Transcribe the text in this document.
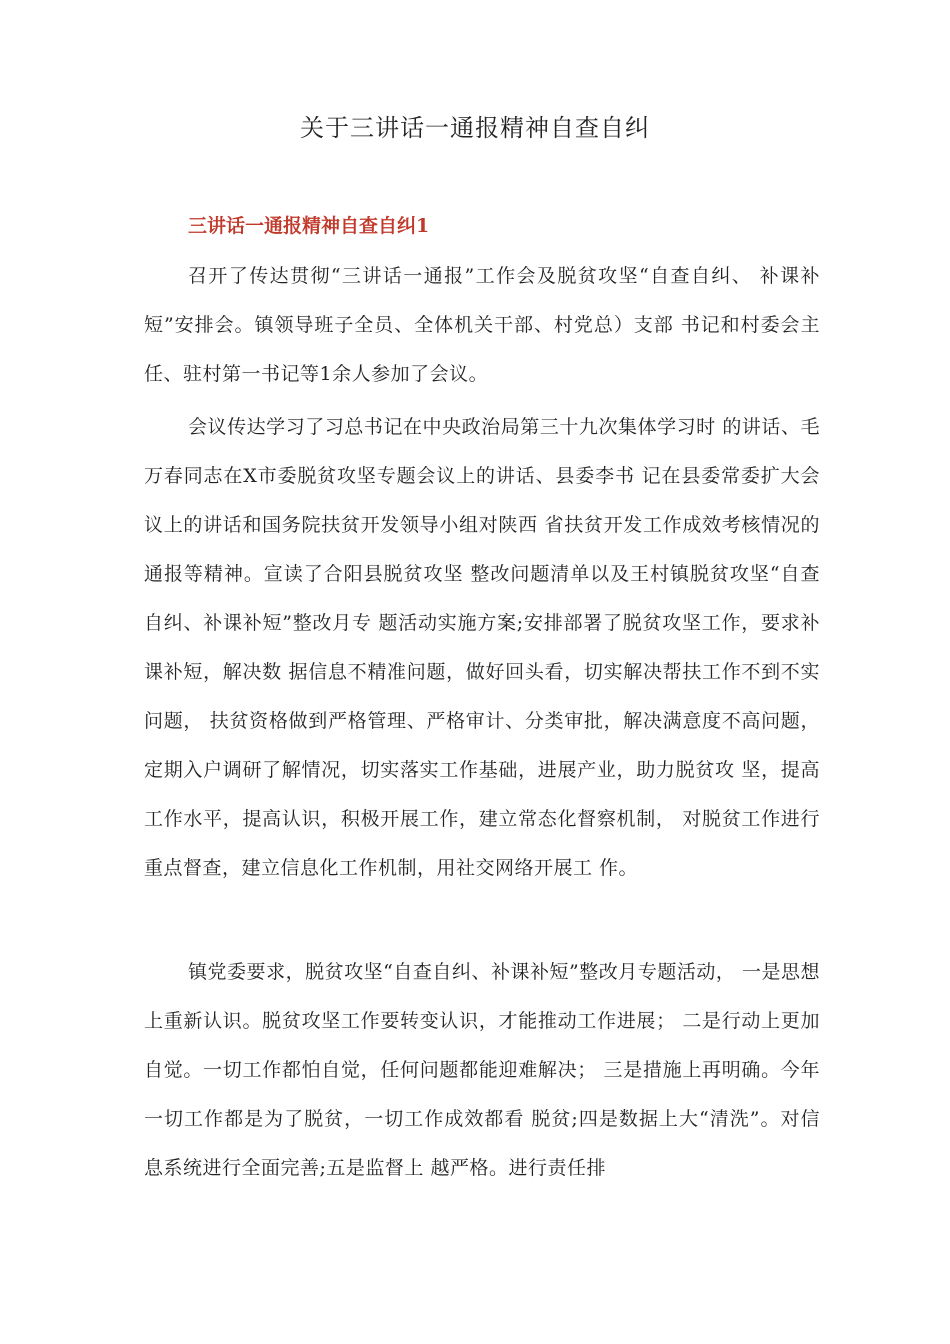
关于三讲话一通报精神自查自纠
三讲话一通报精神自查自纠1

召开了传达贯彻“三讲话一通报”工作会及脱贫攻坚“自查自纠、 补课补短”安排会。镇领导班子全员、全体机关干部、村党总）支部 书记和村委会主任、驻村第一书记等1余人参加了会议。

会议传达学习了习总书记在中央政治局第三十九次集体学习时 的讲话、毛万春同志在X市委脱贫攻坚专题会议上的讲话、县委李书 记在县委常委扩大会议上的讲话和国务院扶贫开发领导小组对陕西 省扶贫开发工作成效考核情况的通报等精神。宣读了合阳县脱贫攻坚 整改问题清单以及王村镇脱贫攻坚“自查自纠、补课补短”整改月专 题活动实施方案;安排部署了脱贫攻坚工作，要求补课补短，解决数 据信息不精准问题，做好回头看，切实解决帮扶工作不到不实问题， 扶贫资格做到严格管理、严格审计、分类审批，解决满意度不高问题， 定期入户调研了解情况，切实落实工作基础，进展产业，助力脱贫攻 坚，提高工作水平，提高认识，积极开展工作，建立常态化督察机制， 对脱贫工作进行重点督查，建立信息化工作机制，用社交网络开展工 作。

镇党委要求，脱贫攻坚“自查自纠、补课补短”整改月专题活动， 一是思想上重新认识。脱贫攻坚工作要转变认识，才能推动工作进展； 二是行动上更加自觉。一切工作都怕自觉，任何问题都能迎难解决； 三是措施上再明确。今年一切工作都是为了脱贫，一切工作成效都看 脱贫;四是数据上大“清洗”。对信息系统进行全面完善;五是监督上 越严格。进行责任排
